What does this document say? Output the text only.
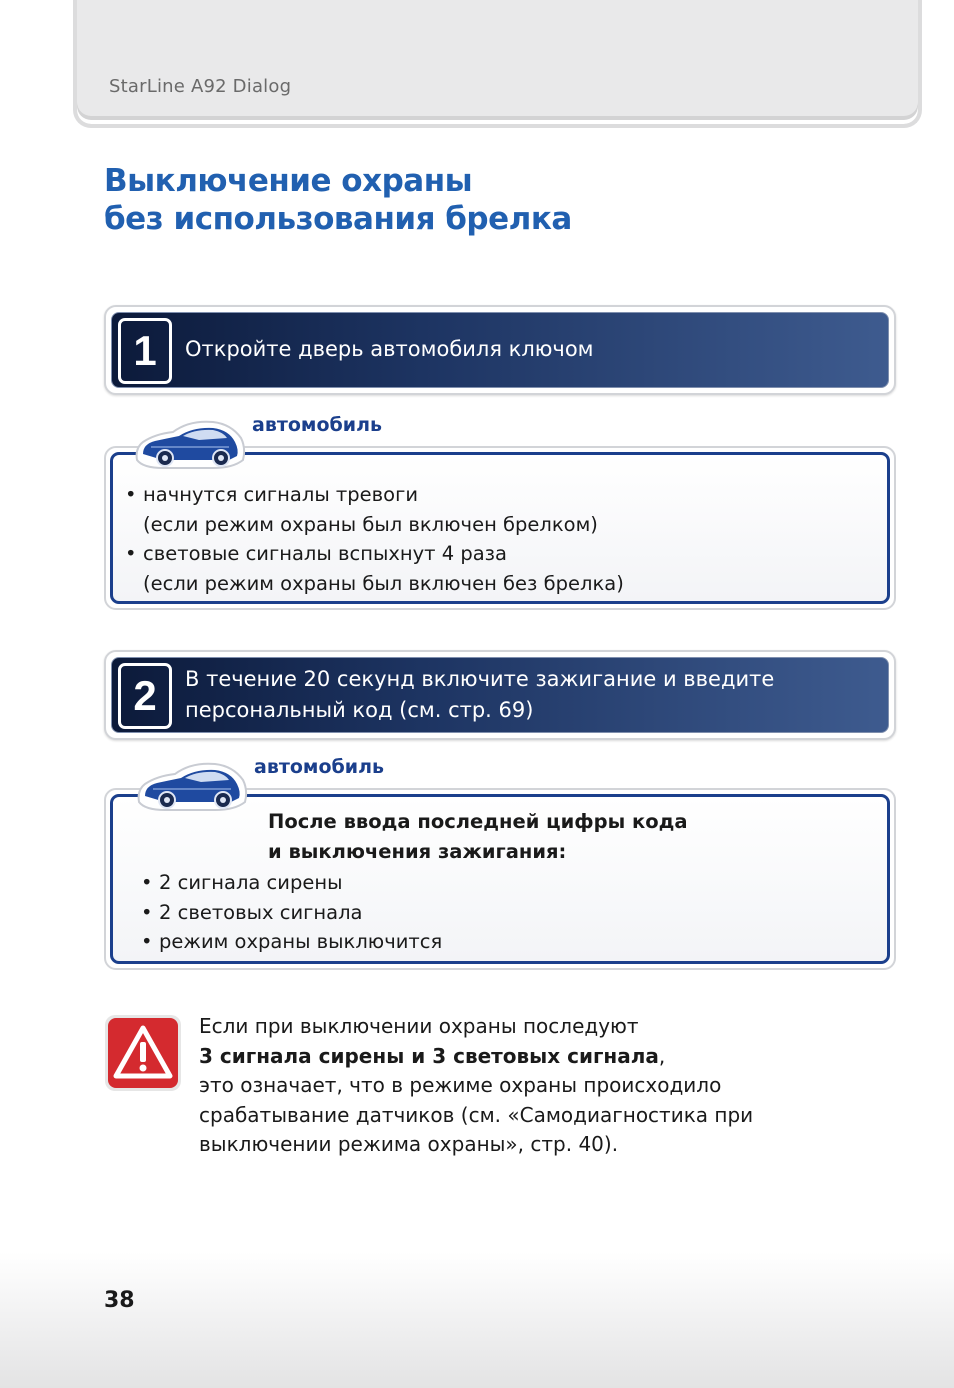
StarLine A92 Dialog
Выключение охраны
без использования брелка
1	Откройте дверь автомобиля ключом
• начнутся сигналы тревоги
(если режим охраны был включен брелком)
• световые сигналы вспыхнут 4 раза
(если режим охраны был включен без брелка)
автомобиль
2	В течение 20 секунд включите зажигание и введите
персональный код (см. стр. 69)
После ввода последней цифры кода
и выключения зажигания:
• 2 сигнала сирены
• 2 световых сигнала
• режим охраны выключится
автомобиль
Если при выключении охраны последуют
3 сигнала сирены и 3 световых сигнала,
это означает, что в режиме охраны происходило
срабатывание датчиков (см. «Самодиагностика при
выключении режима охраны», стр. 40).
38
